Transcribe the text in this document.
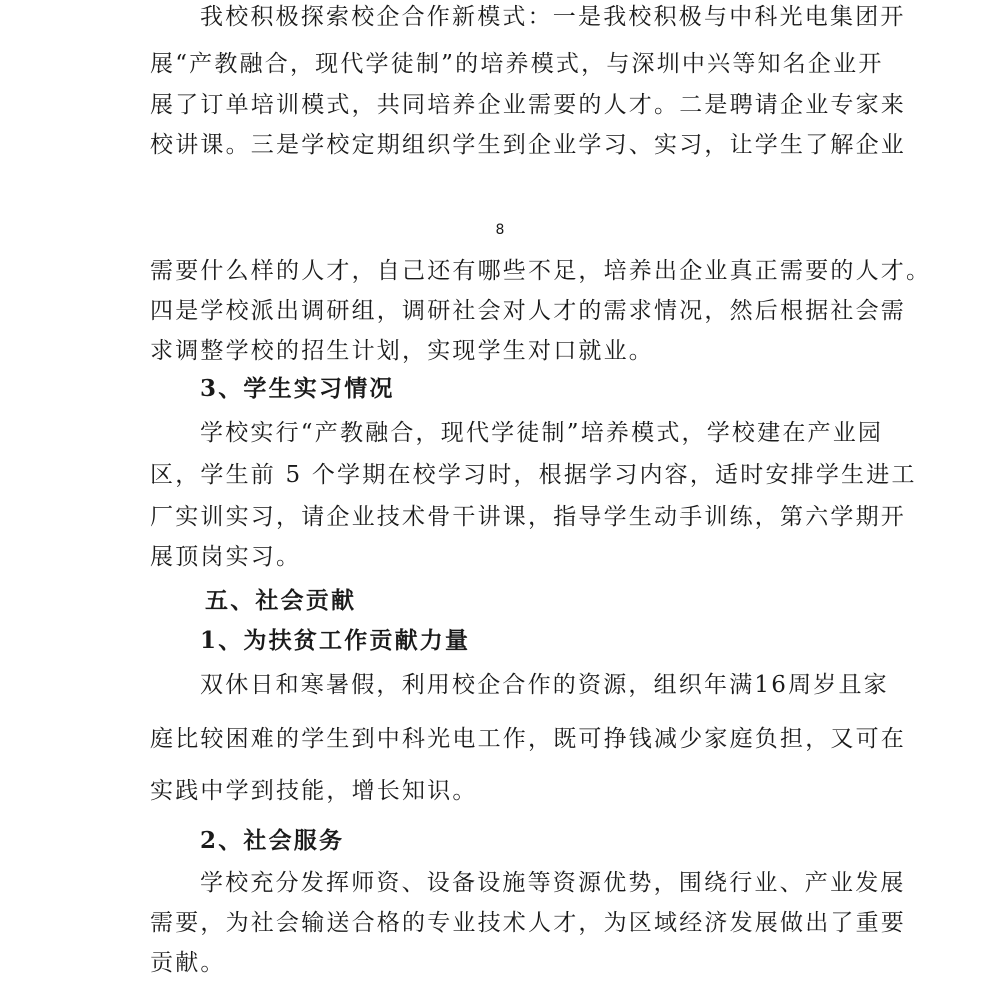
我校积极探索校企合作新模式：一是我校积极与中科光电集团开
展“产教融合，现代学徒制”的培养模式，与深圳中兴等知名企业开
展了订单培训模式，共同培养企业需要的人才。二是聘请企业专家来
校讲课。三是学校定期组织学生到企业学习、实习，让学生了解企业
8
需要什么样的人才，自己还有哪些不足，培养出企业真正需要的人才。
四是学校派出调研组，调研社会对人才的需求情况，然后根据社会需
求调整学校的招生计划，实现学生对口就业。
3、学生实习情况
学校实行“产教融合，现代学徒制”培养模式，学校建在产业园
区，学生前 5 个学期在校学习时，根据学习内容，适时安排学生进工
厂实训实习，请企业技术骨干讲课，指导学生动手训练，第六学期开
展顶岗实习。
五、社会贡献
1、为扶贫工作贡献力量
双休日和寒暑假，利用校企合作的资源，组织年满16周岁且家
庭比较困难的学生到中科光电工作，既可挣钱减少家庭负担，又可在
实践中学到技能，增长知识。
2、社会服务
学校充分发挥师资、设备设施等资源优势，围绕行业、产业发展
需要，为社会输送合格的专业技术人才，为区域经济发展做出了重要
贡献。
